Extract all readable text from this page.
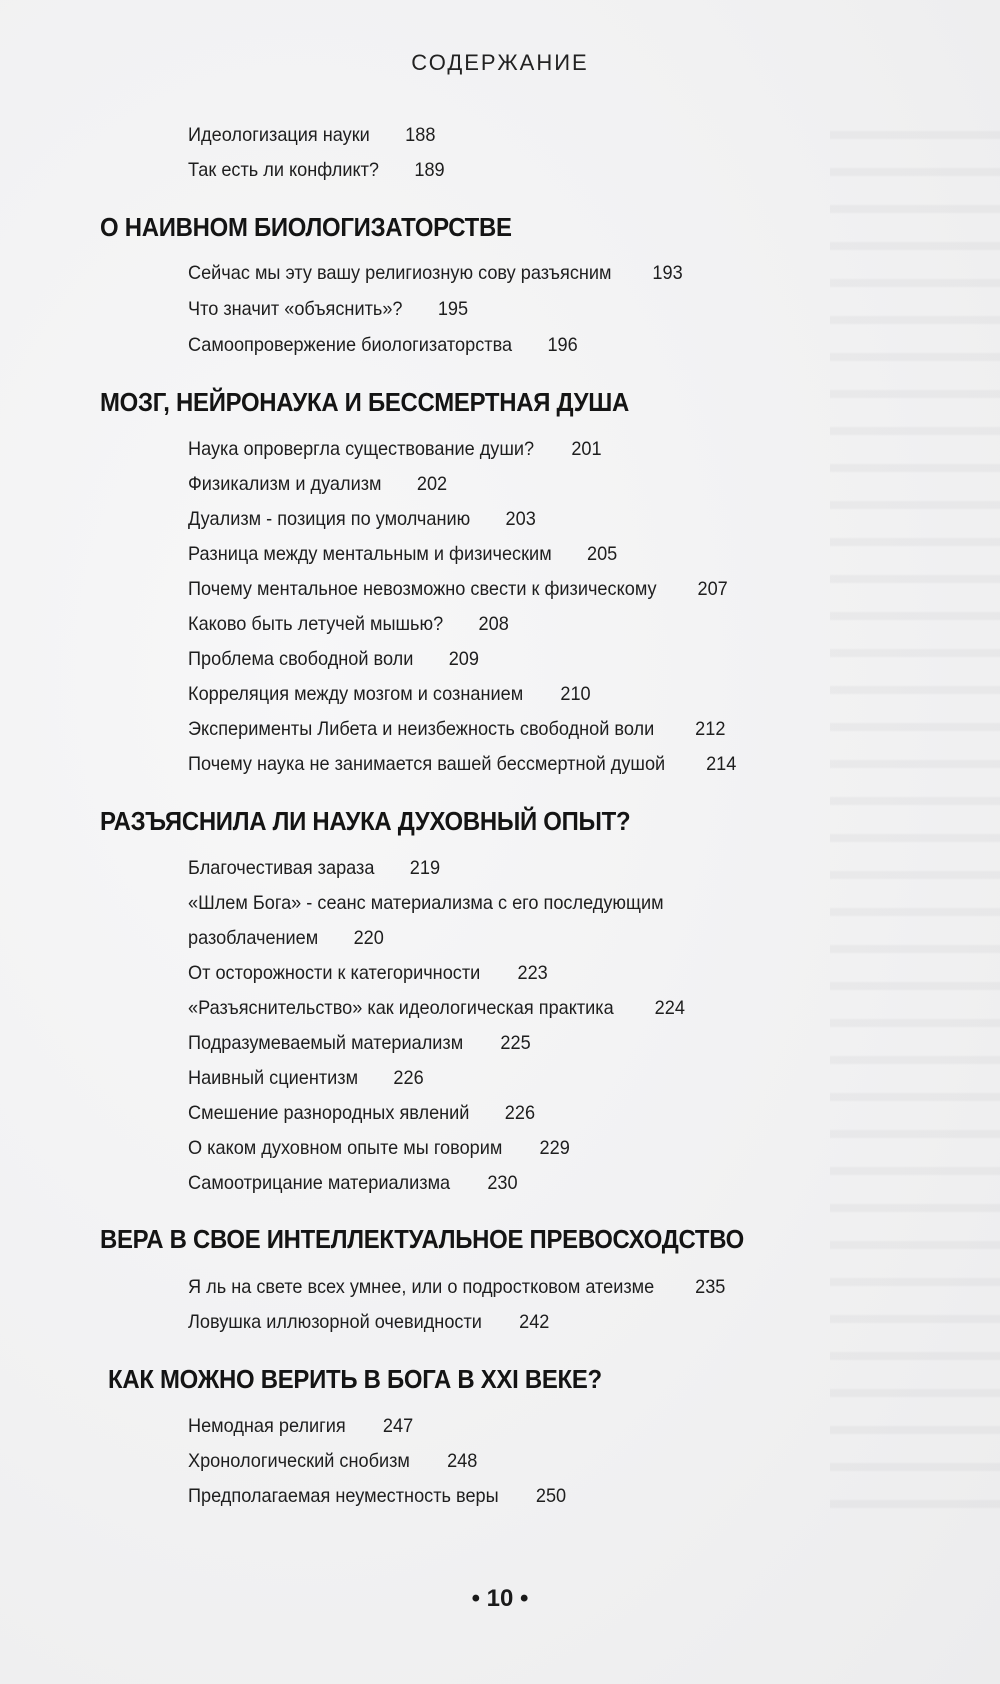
СОДЕРЖАНИЕ
Идеологизация науки 188
Так есть ли конфликт? 189
О НАИВНОМ БИОЛОГИЗАТОРСТВЕ
Сейчас мы эту вашу религиозную сову разъясним 193
Что значит «объяснить»? 195
Самоопровержение биологизаторства 196
МОЗГ, НЕЙРОНАУКА И БЕССМЕРТНАЯ ДУША
Наука опровергла существование души? 201
Физикализм и дуализм 202
Дуализм - позиция по умолчанию 203
Разница между ментальным и физическим 205
Почему ментальное невозможно свести к физическому 207
Каково быть летучей мышью? 208
Проблема свободной воли 209
Корреляция между мозгом и сознанием 210
Эксперименты Либета и неизбежность свободной воли 212
Почему наука не занимается вашей бессмертной душой 214
РАЗЪЯСНИЛА ЛИ НАУКА ДУХОВНЫЙ ОПЫТ?
Благочестивая зараза 219
«Шлем Бога» - сеанс материализма с его последующим
разоблачением 220
От осторожности к категоричности 223
«Разъяснительство» как идеологическая практика 224
Подразумеваемый материализм 225
Наивный сциентизм 226
Смешение разнородных явлений 226
О каком духовном опыте мы говорим 229
Самоотрицание материализма 230
ВЕРА В СВОЕ ИНТЕЛЛЕКТУАЛЬНОЕ ПРЕВОСХОДСТВО
Я ль на свете всех умнее, или о подростковом атеизме 235
Ловушка иллюзорной очевидности 242
КАК МОЖНО ВЕРИТЬ В БОГА В XXI ВЕКЕ?
Немодная религия 247
Хронологический снобизм 248
Предполагаемая неуместность веры 250
• 10 •
